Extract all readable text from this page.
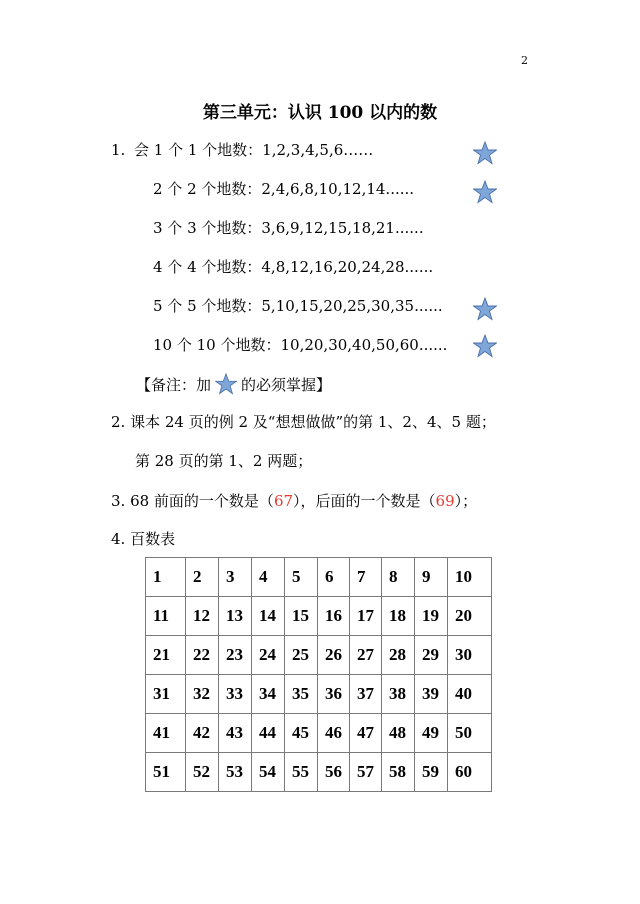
2
第三单元：认识 100 以内的数
1. 会 1 个 1 个地数：1,2,3,4,5,6……
2 个 2 个地数：2,4,6,8,10,12,14......
3 个 3 个地数：3,6,9,12,15,18,21......
4 个 4 个地数：4,8,12,16,20,24,28......
5 个 5 个地数：5,10,15,20,25,30,35......
10 个 10 个地数：10,20,30,40,50,60......
【备注：加 的必须掌握】
2. 课本 24 页的例 2 及“想想做做”的第 1、2、4、5 题；
第 28 页的第 1、2 两题；
3. 68 前面的一个数是（67），后面的一个数是（69）；
4. 百数表
1	2	3	4	5	6	7	8	9	10
11	12	13	14	15	16	17	18	19	20
21	22	23	24	25	26	27	28	29	30
31	32	33	34	35	36	37	38	39	40
41	42	43	44	45	46	47	48	49	50
51	52	53	54	55	56	57	58	59	60
